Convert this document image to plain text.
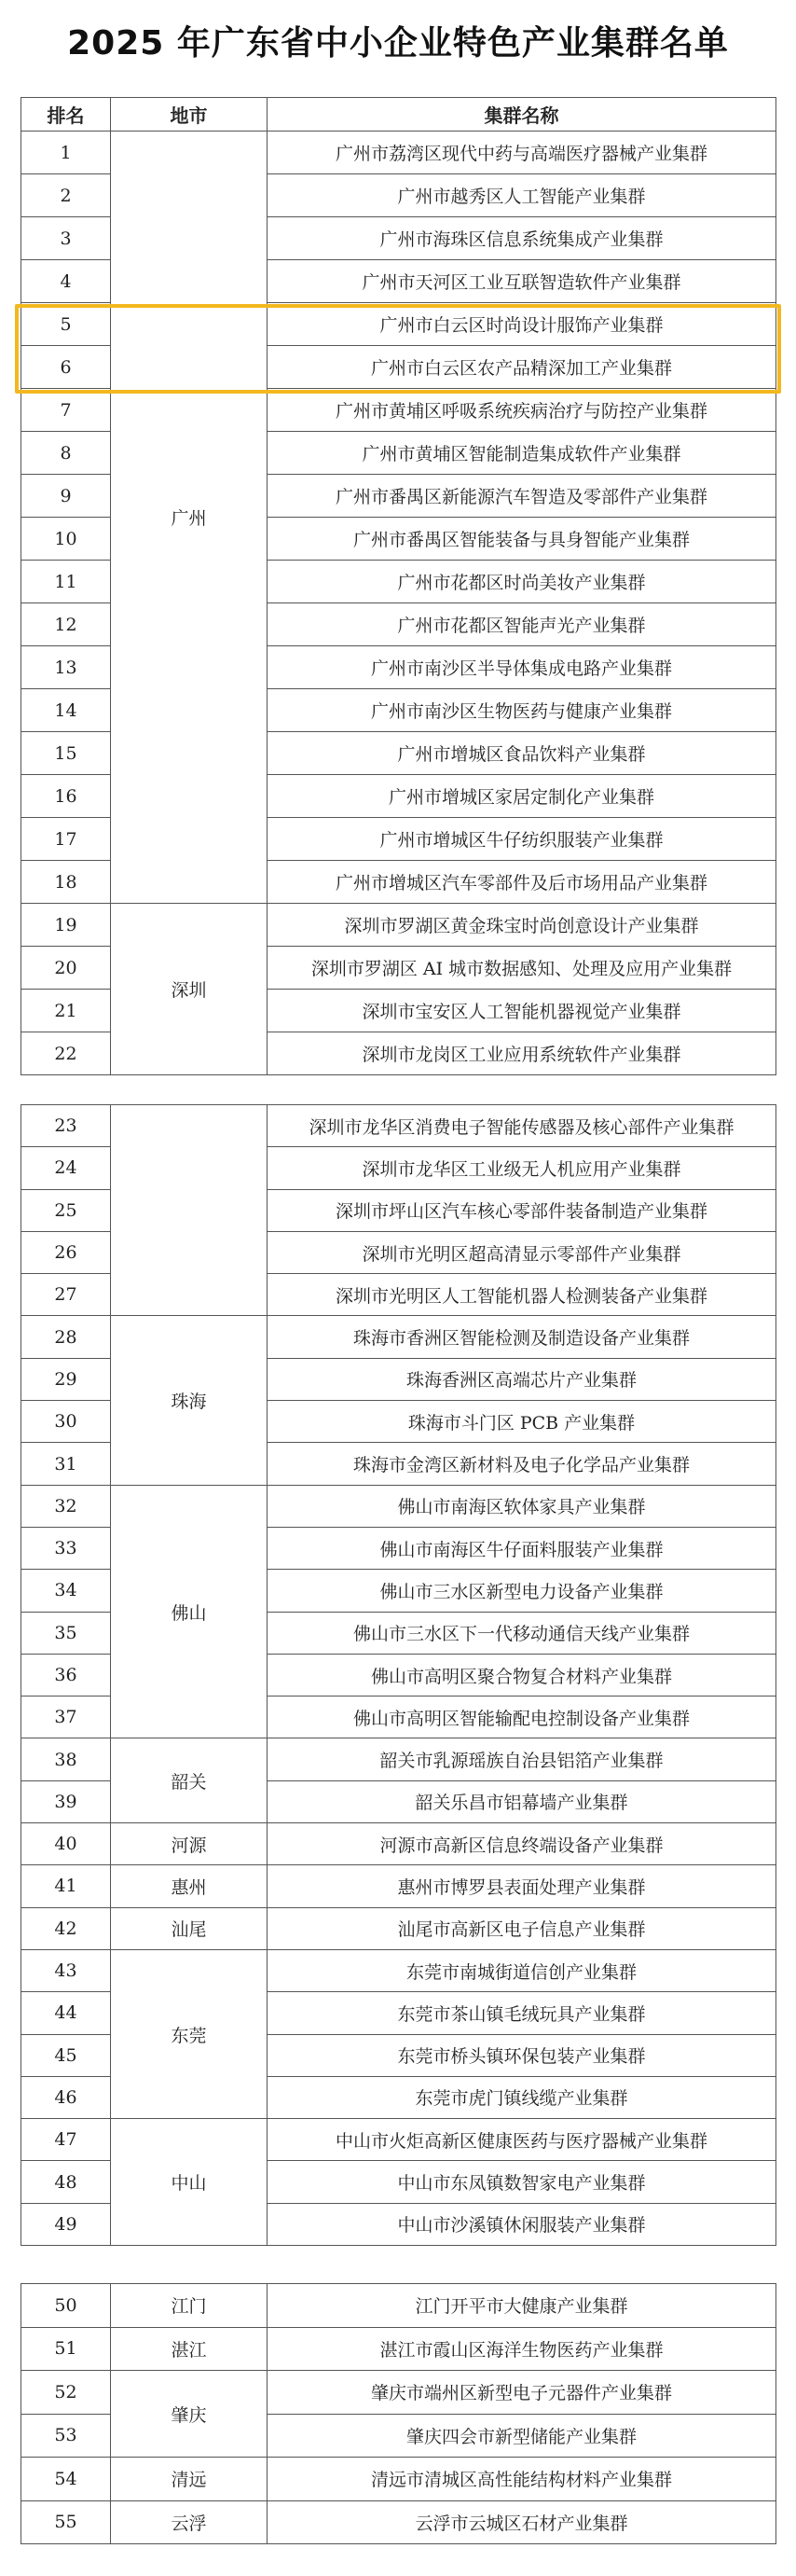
2025 年广东省中小企业特色产业集群名单
排名	地市	集群名称
1	广州	广州市荔湾区现代中药与高端医疗器械产业集群
2		广州市越秀区人工智能产业集群
3		广州市海珠区信息系统集成产业集群
4		广州市天河区工业互联智造软件产业集群
5		广州市白云区时尚设计服饰产业集群
6		广州市白云区农产品精深加工产业集群
7		广州市黄埔区呼吸系统疾病治疗与防控产业集群
8		广州市黄埔区智能制造集成软件产业集群
9		广州市番禺区新能源汽车智造及零部件产业集群
10		广州市番禺区智能装备与具身智能产业集群
11		广州市花都区时尚美妆产业集群
12		广州市花都区智能声光产业集群
13		广州市南沙区半导体集成电路产业集群
14		广州市南沙区生物医药与健康产业集群
15		广州市增城区食品饮料产业集群
16		广州市增城区家居定制化产业集群
17		广州市增城区牛仔纺织服装产业集群
18		广州市增城区汽车零部件及后市场用品产业集群
19	深圳	深圳市罗湖区黄金珠宝时尚创意设计产业集群
20		深圳市罗湖区 AI 城市数据感知、处理及应用产业集群
21		深圳市宝安区人工智能机器视觉产业集群
22		深圳市龙岗区工业应用系统软件产业集群
23		深圳市龙华区消费电子智能传感器及核心部件产业集群
24		深圳市龙华区工业级无人机应用产业集群
25		深圳市坪山区汽车核心零部件装备制造产业集群
26		深圳市光明区超高清显示零部件产业集群
27		深圳市光明区人工智能机器人检测装备产业集群
28	珠海	珠海市香洲区智能检测及制造设备产业集群
29		珠海香洲区高端芯片产业集群
30		珠海市斗门区 PCB 产业集群
31		珠海市金湾区新材料及电子化学品产业集群
32	佛山	佛山市南海区软体家具产业集群
33		佛山市南海区牛仔面料服装产业集群
34		佛山市三水区新型电力设备产业集群
35		佛山市三水区下一代移动通信天线产业集群
36		佛山市高明区聚合物复合材料产业集群
37		佛山市高明区智能输配电控制设备产业集群
38	韶关	韶关市乳源瑶族自治县铝箔产业集群
39		韶关乐昌市铝幕墙产业集群
40	河源	河源市高新区信息终端设备产业集群
41	惠州	惠州市博罗县表面处理产业集群
42	汕尾	汕尾市高新区电子信息产业集群
43	东莞	东莞市南城街道信创产业集群
44		东莞市茶山镇毛绒玩具产业集群
45		东莞市桥头镇环保包装产业集群
46		东莞市虎门镇线缆产业集群
47	中山	中山市火炬高新区健康医药与医疗器械产业集群
48		中山市东凤镇数智家电产业集群
49		中山市沙溪镇休闲服装产业集群
50	江门	江门开平市大健康产业集群
51	湛江	湛江市霞山区海洋生物医药产业集群
52	肇庆	肇庆市端州区新型电子元器件产业集群
53		肇庆四会市新型储能产业集群
54	清远	清远市清城区高性能结构材料产业集群
55	云浮	云浮市云城区石材产业集群
